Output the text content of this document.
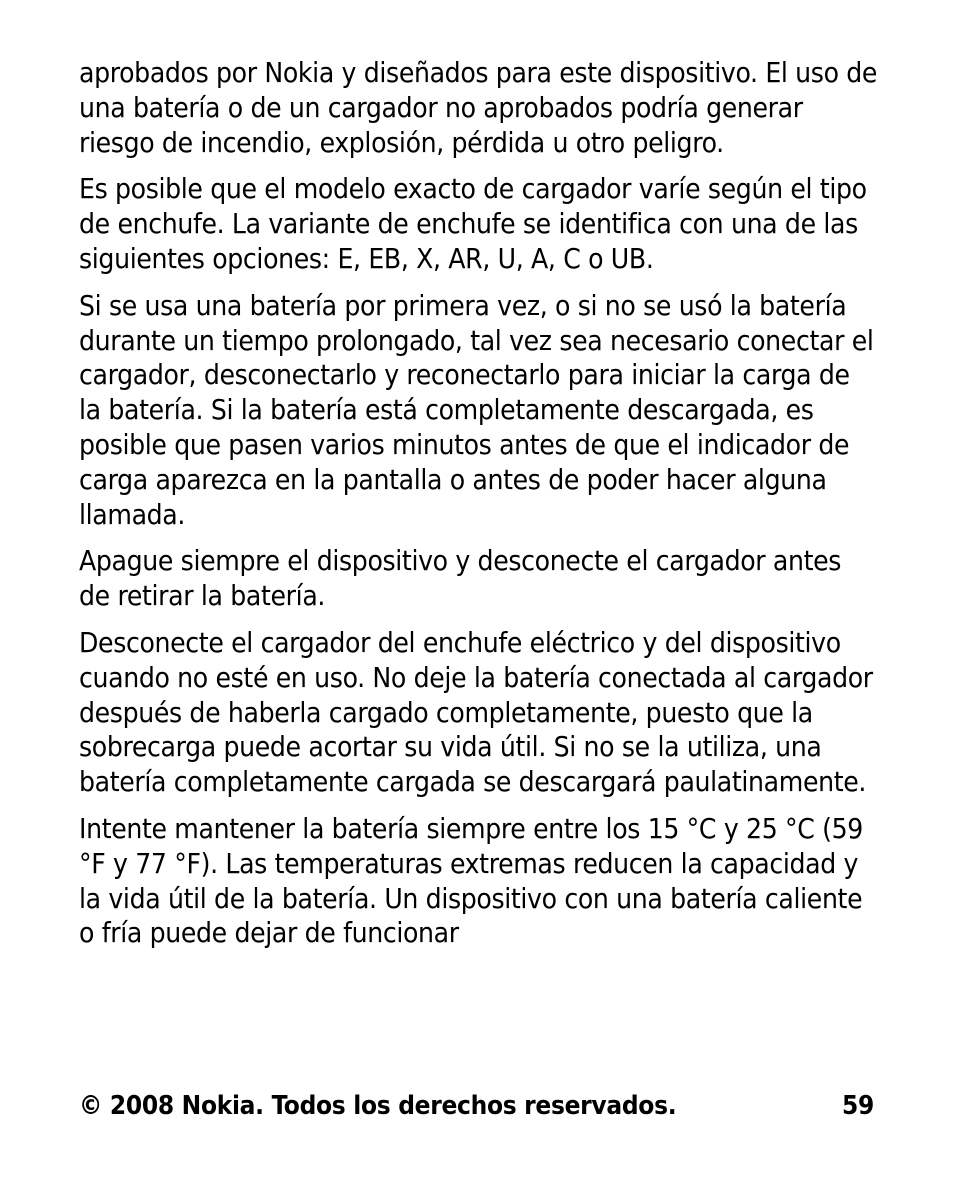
aprobados por Nokia y diseñados para este dispositivo. El uso de una batería o de un cargador no aprobados podría generar riesgo de incendio, explosión, pérdida u otro peligro.

Es posible que el modelo exacto de cargador varíe según el tipo de enchufe. La variante de enchufe se identifica con una de las siguientes opciones: E, EB, X, AR, U, A, C o UB.

Si se usa una batería por primera vez, o si no se usó la batería durante un tiempo prolongado, tal vez sea necesario conectar el cargador, desconectarlo y reconectarlo para iniciar la carga de la batería. Si la batería está completamente descargada, es posible que pasen varios minutos antes de que el indicador de carga aparezca en la pantalla o antes de poder hacer alguna llamada.

Apague siempre el dispositivo y desconecte el cargador antes de retirar la batería.

Desconecte el cargador del enchufe eléctrico y del dispositivo cuando no esté en uso. No deje la batería conectada al cargador después de haberla cargado completamente, puesto que la sobrecarga puede acortar su vida útil. Si no se la utiliza, una batería completamente cargada se descargará paulatinamente.

Intente mantener la batería siempre entre los 15 °C y 25 °C (59 °F y 77 °F). Las temperaturas extremas reducen la capacidad y la vida útil de la batería. Un dispositivo con una batería caliente o fría puede dejar de funcionar

© 2008 Nokia. Todos los derechos reservados.	59
